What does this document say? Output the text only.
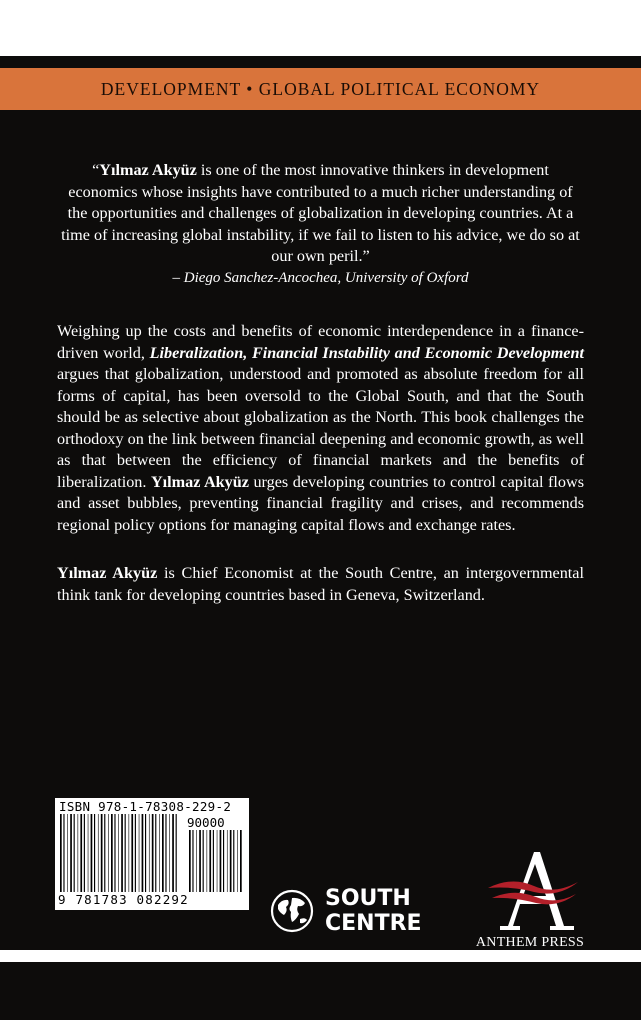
DEVELOPMENT • GLOBAL POLITICAL ECONOMY
“Yılmaz Akyüz is one of the most innovative thinkers in development economics whose insights have contributed to a much richer understanding of the opportunities and challenges of globalization in developing countries. At a time of increasing global instability, if we fail to listen to his advice, we do so at our own peril.”
– Diego Sanchez-Ancochea, University of Oxford
Weighing up the costs and benefits of economic interdependence in a finance-driven world, Liberalization, Financial Instability and Economic Development argues that globalization, understood and promoted as absolute freedom for all forms of capital, has been oversold to the Global South, and that the South should be as selective about globalization as the North. This book challenges the orthodoxy on the link between financial deepening and economic growth, as well as that between the efficiency of financial markets and the benefits of liberalization. Yılmaz Akyüz urges developing countries to control capital flows and asset bubbles, preventing financial fragility and crises, and recommends regional policy options for managing capital flows and exchange rates.
Yılmaz Akyüz is Chief Economist at the South Centre, an intergovernmental think tank for developing countries based in Geneva, Switzerland.
ISBN 978-1-78308-229-2
90000
9 781783 082292	SOUTH
CENTRE
ANTHEM PRESS
